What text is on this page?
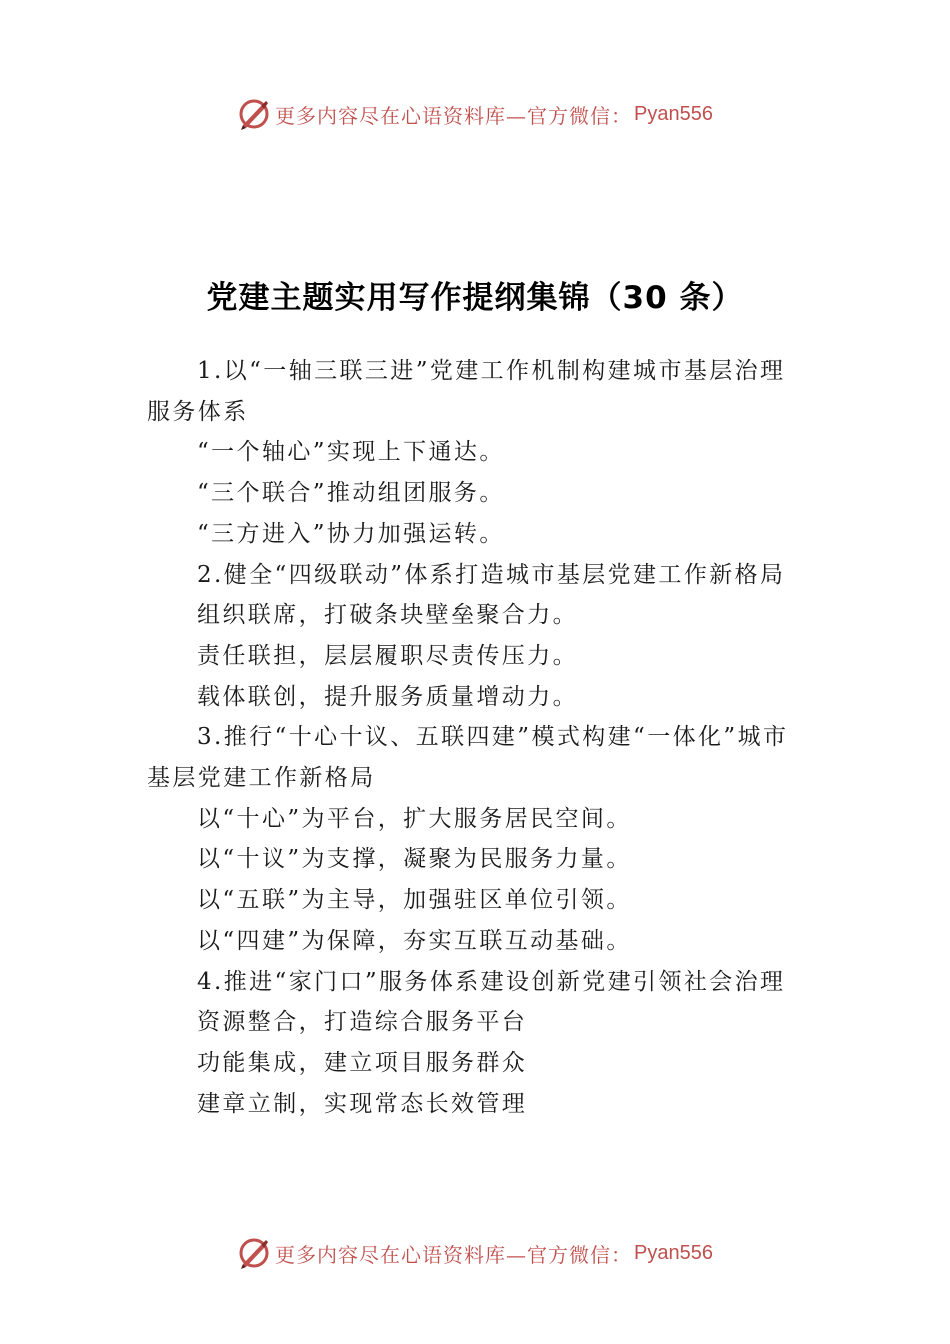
更多内容尽在心语资料库—官方微信： Pyan556
党建主题实用写作提纲集锦（30 条）

1.以“一轴三联三进”党建工作机制构建城市基层治理服务体系

“一个轴心”实现上下通达。

“三个联合”推动组团服务。

“三方进入”协力加强运转。

2.健全“四级联动”体系打造城市基层党建工作新格局

组织联席，打破条块壁垒聚合力。

责任联担，层层履职尽责传压力。

载体联创，提升服务质量增动力。

3.推行“十心十议、五联四建”模式构建“一体化”城市基层党建工作新格局

以“十心”为平台，扩大服务居民空间。

以“十议”为支撑，凝聚为民服务力量。

以“五联”为主导，加强驻区单位引领。

以“四建”为保障，夯实互联互动基础。

4.推进“家门口”服务体系建设创新党建引领社会治理

资源整合，打造综合服务平台

功能集成，建立项目服务群众

建章立制，实现常态长效管理

更多内容尽在心语资料库—官方微信： Pyan556
